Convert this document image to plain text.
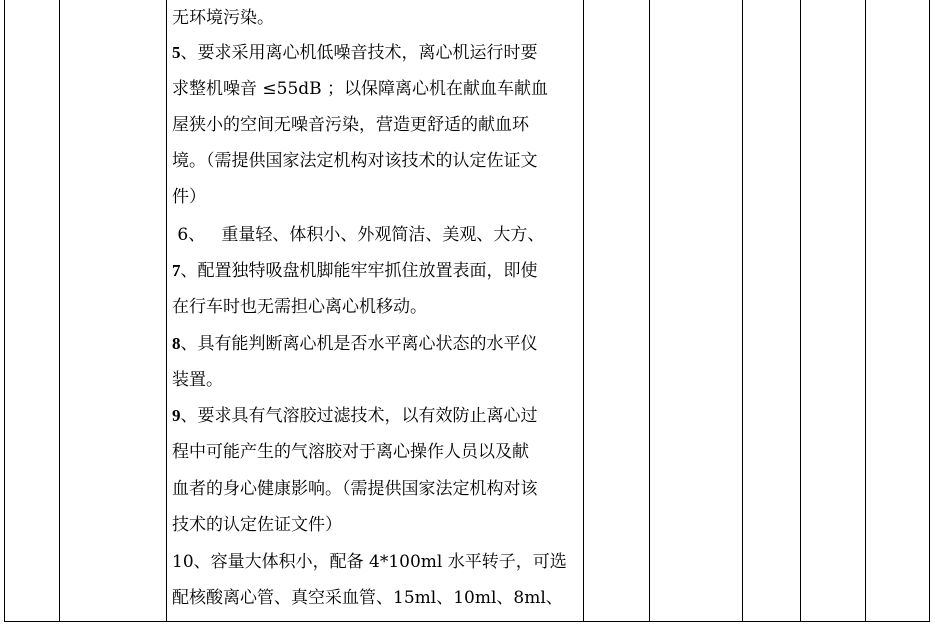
无环境污染。
5、要求采用离心机低噪音技术，离心机运行时要
求整机噪音 ≤55dB ；以保障离心机在献血车献血
屋狭小的空间无噪音污染，营造更舒适的献血环
境。（需提供国家法定机构对该技术的认定佐证文
件）
6、   重量轻、体积小、外观简洁、美观、大方、
7、配置独特吸盘机脚能牢牢抓住放置表面，即使
在行车时也无需担心离心机移动。
8、具有能判断离心机是否水平离心状态的水平仪
装置。
9、要求具有气溶胶过滤技术，以有效防止离心过
程中可能产生的气溶胶对于离心操作人员以及献
血者的身心健康影响。（需提供国家法定机构对该
技术的认定佐证文件）
10、容量大体积小，配备 4*100ml 水平转子，可选
配核酸离心管、真空采血管、15ml、10ml、8ml、
